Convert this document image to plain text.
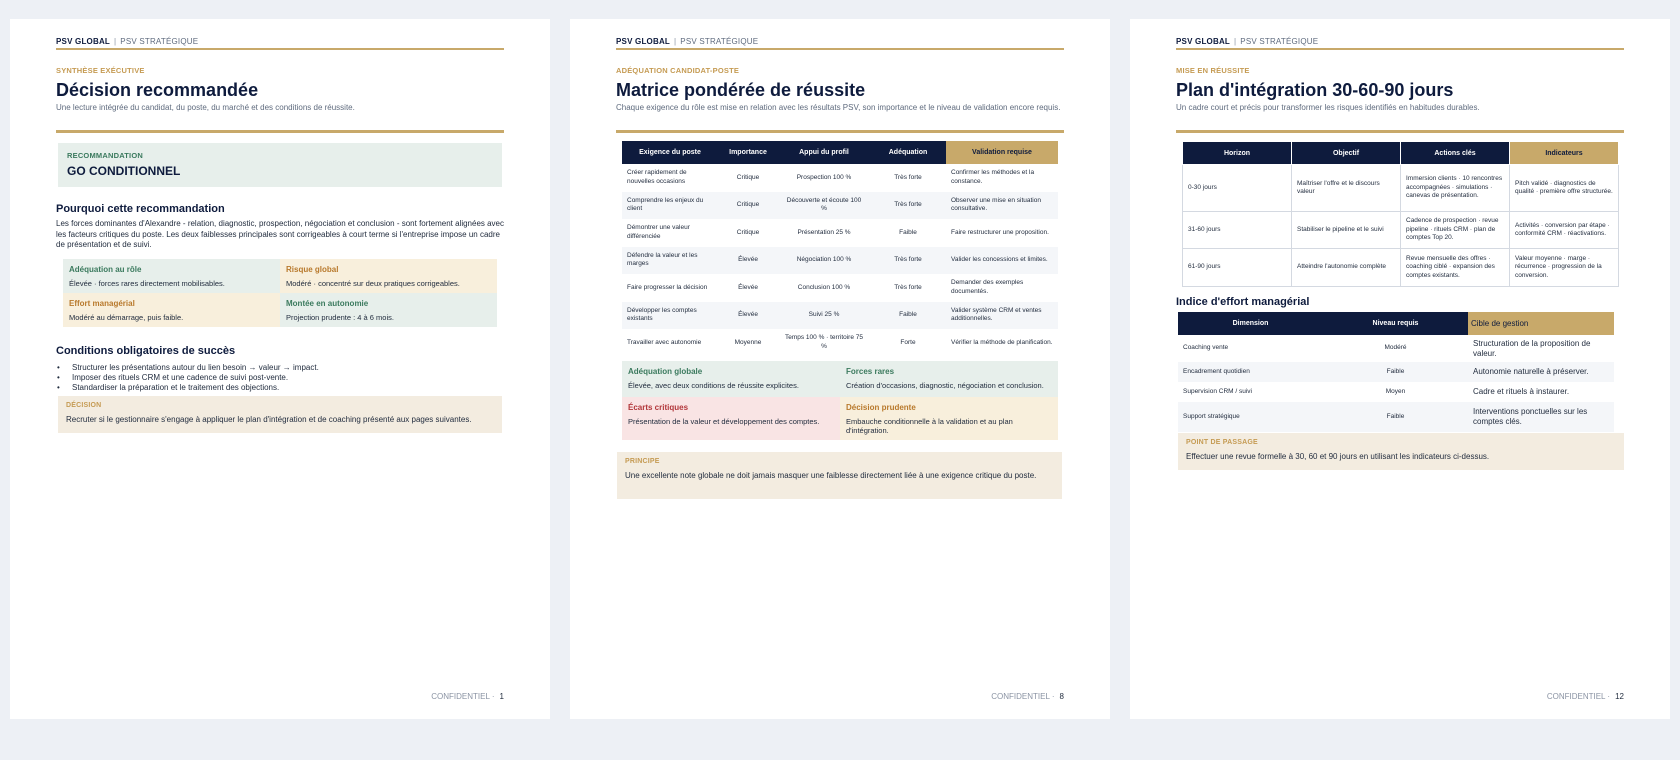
PSV GLOBAL | PSV STRATÉGIQUE
SYNTHÈSE EXÉCUTIVE
Décision recommandée
Une lecture intégrée du candidat, du poste, du marché et des conditions de réussite.
RECOMMANDATION
GO CONDITIONNEL
Pourquoi cette recommandation
Les forces dominantes d'Alexandre - relation, diagnostic, prospection, négociation et conclusion - sont fortement alignées avec les facteurs critiques du poste. Les deux faiblesses principales sont corrigeables à court terme si l'entreprise impose un cadre de présentation et de suivi.
Adéquation au rôle
Élevée · forces rares directement mobilisables.
Risque global
Modéré · concentré sur deux pratiques corrigeables.
Effort managérial
Modéré au démarrage, puis faible.
Montée en autonomie
Projection prudente : 4 à 6 mois.
Conditions obligatoires de succès
• Structurer les présentations autour du lien besoin → valeur → impact.
• Imposer des rituels CRM et une cadence de suivi post-vente.
• Standardiser la préparation et le traitement des objections.
DÉCISION
Recruter si le gestionnaire s'engage à appliquer le plan d'intégration et de coaching présenté aux pages suivantes.
CONFIDENTIEL · 1
PSV GLOBAL | PSV STRATÉGIQUE
ADÉQUATION CANDIDAT-POSTE
Matrice pondérée de réussite
Chaque exigence du rôle est mise en relation avec les résultats PSV, son importance et le niveau de validation encore requis.
Exigence du poste	Importance	Appui du profil	Adéquation	Validation requise
Créer rapidement de nouvelles occasions	Critique	Prospection 100 %	Très forte	Confirmer les méthodes et la constance.
Comprendre les enjeux du client	Critique	Découverte et écoute 100 %	Très forte	Observer une mise en situation consultative.
Démontrer une valeur différenciée	Critique	Présentation 25 %	Faible	Faire restructurer une proposition.
Défendre la valeur et les marges	Élevée	Négociation 100 %	Très forte	Valider les concessions et limites.
Faire progresser la décision	Élevée	Conclusion 100 %	Très forte	Demander des exemples documentés.
Développer les comptes existants	Élevée	Suivi 25 %	Faible	Valider système CRM et ventes additionnelles.
Travailler avec autonomie	Moyenne	Temps 100 % · territoire 75 %	Forte	Vérifier la méthode de planification.
Adéquation globale
Élevée, avec deux conditions de réussite explicites.
Forces rares
Création d'occasions, diagnostic, négociation et conclusion.
Écarts critiques
Présentation de la valeur et développement des comptes.
Décision prudente
Embauche conditionnelle à la validation et au plan d'intégration.
PRINCIPE
Une excellente note globale ne doit jamais masquer une faiblesse directement liée à une exigence critique du poste.
CONFIDENTIEL · 8
PSV GLOBAL | PSV STRATÉGIQUE
MISE EN RÉUSSITE
Plan d'intégration 30-60-90 jours
Un cadre court et précis pour transformer les risques identifiés en habitudes durables.
Horizon	Objectif	Actions clés	Indicateurs
0-30 jours	Maîtriser l'offre et le discours valeur	Immersion clients · 10 rencontres accompagnées · simulations · canevas de présentation.	Pitch validé · diagnostics de qualité · première offre structurée.
31-60 jours	Stabiliser le pipeline et le suivi	Cadence de prospection · revue pipeline · rituels CRM · plan de comptes Top 20.	Activités · conversion par étape · conformité CRM · réactivations.
61-90 jours	Atteindre l'autonomie complète	Revue mensuelle des offres · coaching ciblé · expansion des comptes existants.	Valeur moyenne · marge · récurrence · progression de la conversion.
Indice d'effort managérial
Dimension	Niveau requis	Cible de gestion
Coaching vente	Modéré	Structuration de la proposition de valeur.
Encadrement quotidien	Faible	Autonomie naturelle à préserver.
Supervision CRM / suivi	Moyen	Cadre et rituels à instaurer.
Support stratégique	Faible	Interventions ponctuelles sur les comptes clés.
POINT DE PASSAGE
Effectuer une revue formelle à 30, 60 et 90 jours en utilisant les indicateurs ci-dessus.
CONFIDENTIEL · 12
